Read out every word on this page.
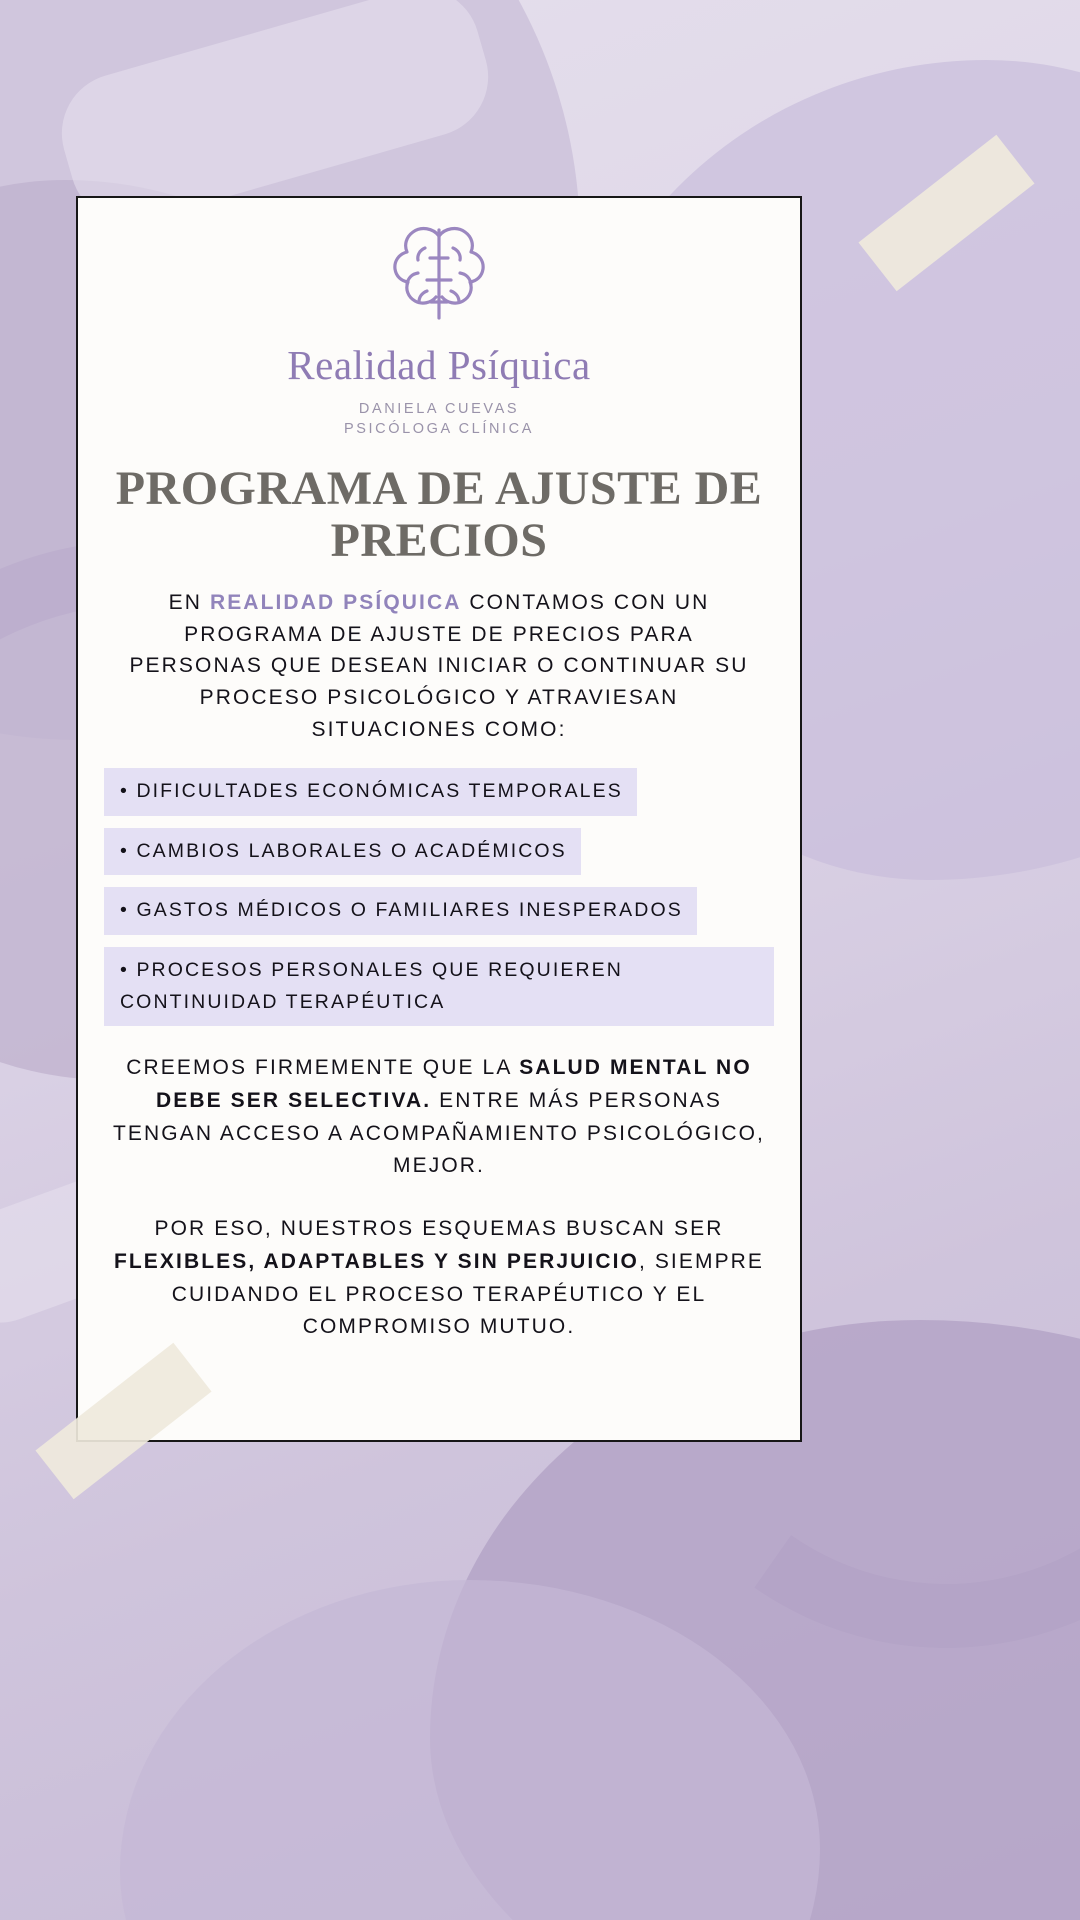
Realidad Psíquica
DANIELA CUEVAS
PSICÓLOGA CLÍNICA
PROGRAMA DE AJUSTE DE PRECIOS

EN REALIDAD PSÍQUICA CONTAMOS CON UN PROGRAMA DE AJUSTE DE PRECIOS PARA PERSONAS QUE DESEAN INICIAR O CONTINUAR SU PROCESO PSICOLÓGICO Y ATRAVIESAN SITUACIONES COMO:

• DIFICULTADES ECONÓMICAS TEMPORALES
• CAMBIOS LABORALES O ACADÉMICOS
• GASTOS MÉDICOS O FAMILIARES INESPERADOS
• PROCESOS PERSONALES QUE REQUIEREN CONTINUIDAD TERAPÉUTICA

CREEMOS FIRMEMENTE QUE LA SALUD MENTAL NO DEBE SER SELECTIVA. ENTRE MÁS PERSONAS TENGAN ACCESO A ACOMPAÑAMIENTO PSICOLÓGICO, MEJOR.

POR ESO, NUESTROS ESQUEMAS BUSCAN SER FLEXIBLES, ADAPTABLES Y SIN PERJUICIO, SIEMPRE CUIDANDO EL PROCESO TERAPÉUTICO Y EL COMPROMISO MUTUO.
